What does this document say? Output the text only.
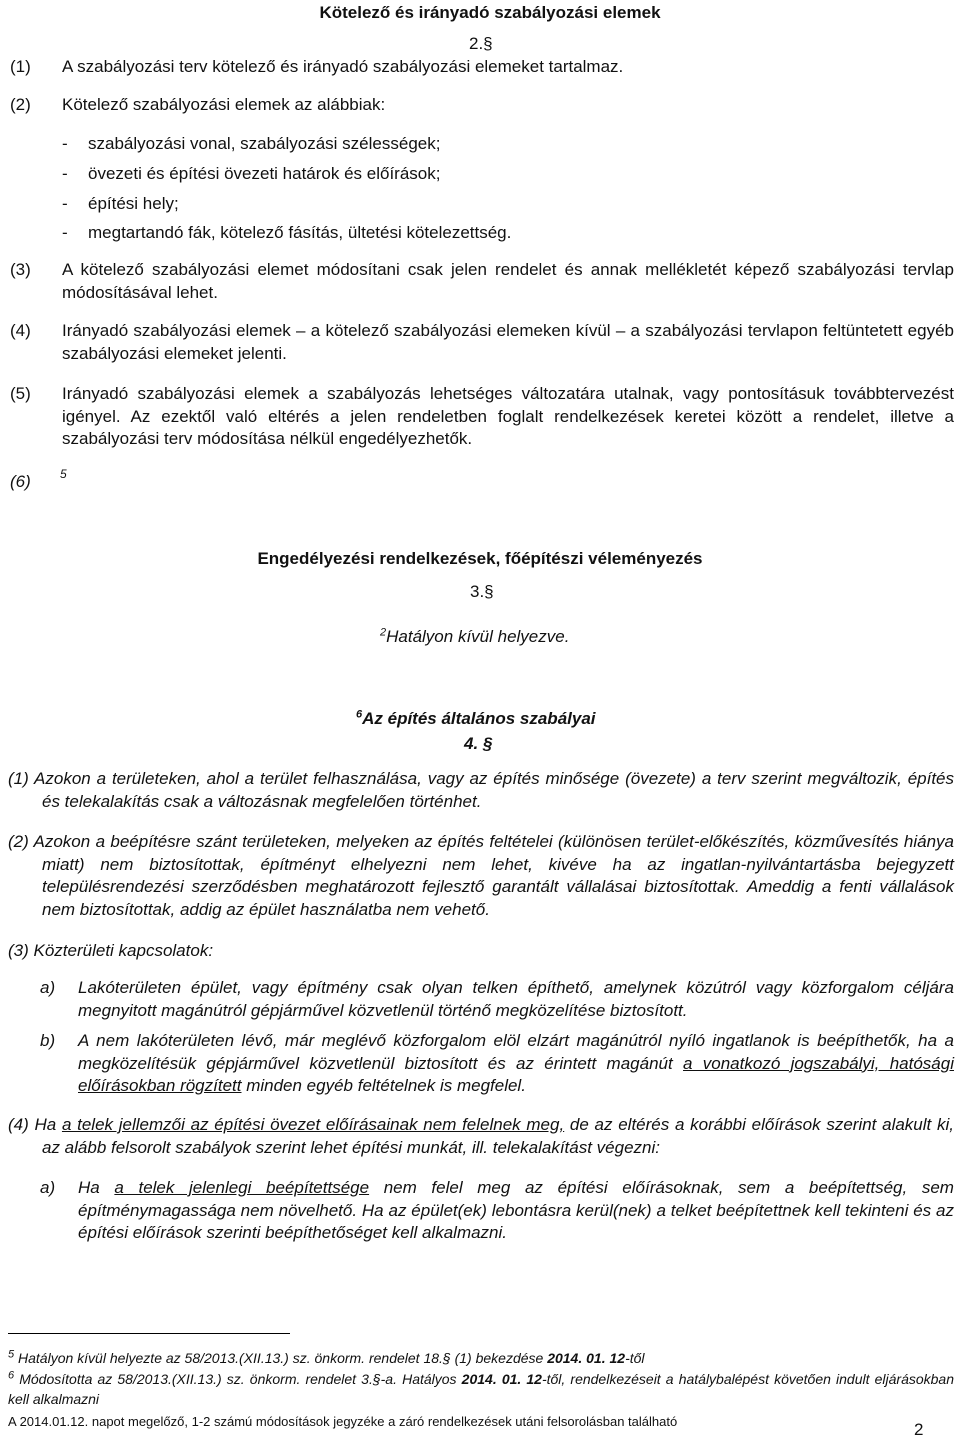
Kötelező és irányadó szabályozási elemek
2.§
(1) A szabályozási terv kötelező és irányadó szabályozási elemeket tartalmaz.
(2) Kötelező szabályozási elemek az alábbiak:
- szabályozási vonal, szabályozási szélességek;
- övezeti és építési övezeti határok és előírások;
- építési hely;
- megtartandó fák, kötelező fásítás, ültetési kötelezettség.
(3) A kötelező szabályozási elemet módosítani csak jelen rendelet és annak mellékletét képező szabályozási tervlap módosításával lehet.
(4) Irányadó szabályozási elemek – a kötelező szabályozási elemeken kívül – a szabályozási tervlapon feltüntetett egyéb szabályozási elemeket jelenti.
(5) Irányadó szabályozási elemek a szabályozás lehetséges változatára utalnak, vagy pontosításuk továbbtervezést igényel. Az ezektől való eltérés a jelen rendeletben foglalt rendelkezések keretei között a rendelet, illetve a szabályozási terv módosítása nélkül engedélyezhetők.
(6) 5
Engedélyezési rendelkezések, főépítészi véleményezés
3.§
$^2$Hatályon kívül helyezve.
$^6$Az építés általános szabályai
4. §
(1) Azokon a területeken, ahol a terület felhasználása, vagy az építés minősége (övezete) a terv szerint megváltozik, építés és telekalakítás csak a változásnak megfelelően történhet.
(2) Azokon a beépítésre szánt területeken, melyeken az építés feltételei (különösen terület-előkészítés, közművesítés hiánya miatt) nem biztosítottak, építményt elhelyezni nem lehet, kivéve ha az ingatlan-nyilvántartásba bejegyzett településrendezési szerződésben meghatározott fejlesztő garantált vállalásai biztosítottak. Ameddig a fenti vállalások nem biztosítottak, addig az épület használatba nem vehető.
(3) Közterületi kapcsolatok:
a) Lakóterületen épület, vagy építmény csak olyan telken építhető, amelynek közútról vagy közforgalom céljára megnyitott magánútról gépjárművel közvetlenül történő megközelítése biztosított.
b) A nem lakóterületen lévő, már meglévő közforgalom elöl elzárt magánútról nyíló ingatlanok is beépíthetők, ha a megközelítésük gépjárművel közvetlenül biztosított és az érintett magánút a vonatkozó jogszabályi, hatósági előírásokban rögzített minden egyéb feltételnek is megfelel.
(4) Ha a telek jellemzői az építési övezet előírásainak nem felelnek meg, de az eltérés a korábbi előírások szerint alakult ki, az alább felsorolt szabályok szerint lehet építési munkát, ill. telekalakítást végezni:
a) Ha a telek jelenlegi beépítettsége nem felel meg az építési előírásoknak, sem a beépítettség, sem építménymagassága nem növelhető. Ha az épület(ek) lebontásra kerül(nek) a telket beépítettnek kell tekinteni és az építési előírások szerinti beépíthetőséget kell alkalmazni.
$^5$ Hatályon kívül helyezte az 58/2013.(XII.13.) sz. önkorm. rendelet 18.§ (1) bekezdése 2014. 01. 12-től
$^6$ Módosította az 58/2013.(XII.13.) sz. önkorm. rendelet 3.§-a. Hatályos 2014. 01. 12-től, rendelkezéseit a hatálybalépést követően indult eljárásokban kell alkalmazni
A 2014.01.12. napot megelőző, 1-2 számú módosítások jegyzéke a záró rendelkezések utáni felsorolásban található	2
